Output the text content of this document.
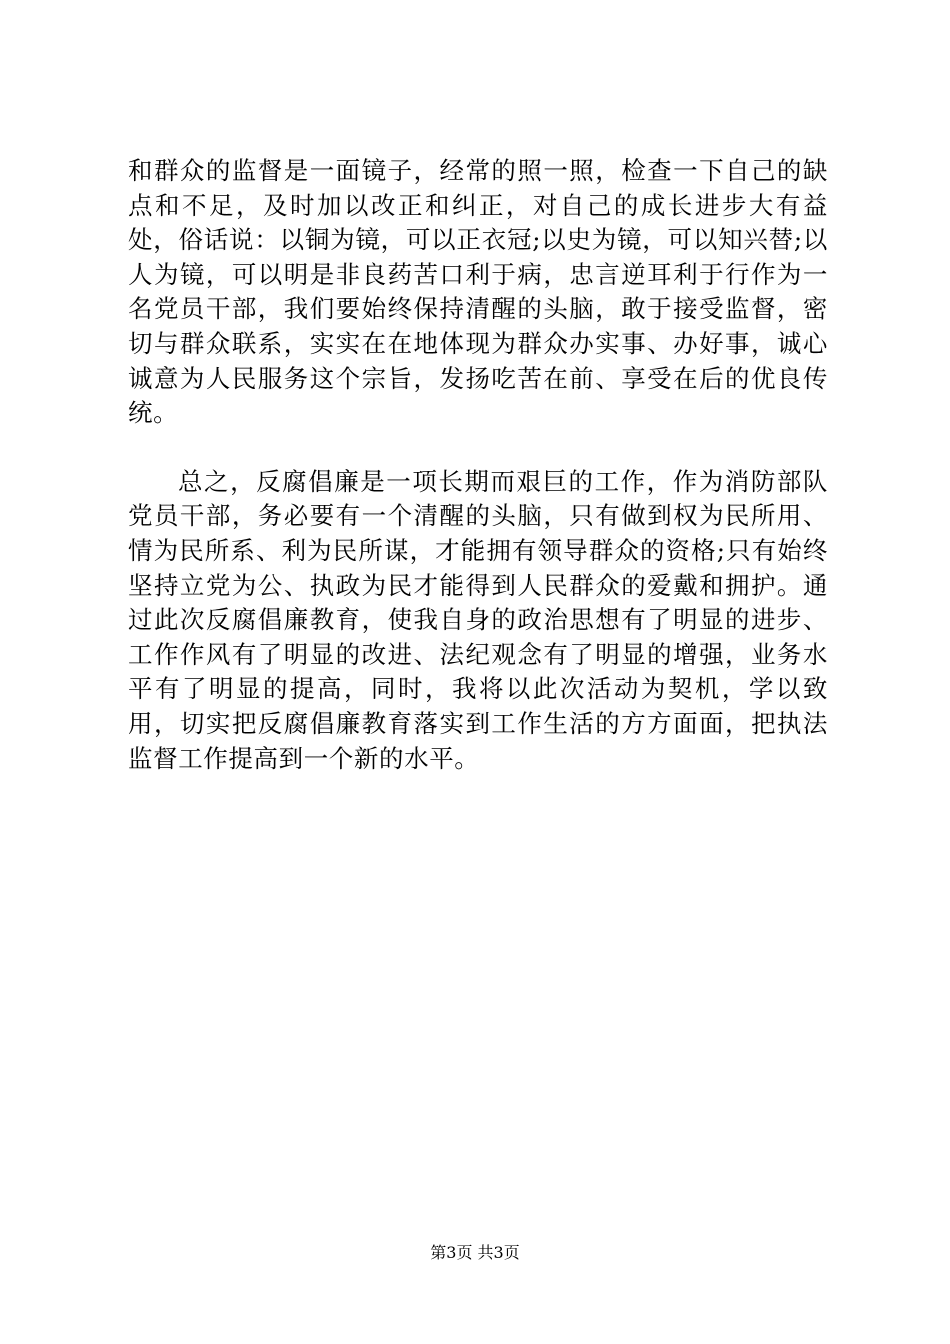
和群众的监督是一面镜子，经常的照一照，检查一下自己的缺点和不足，及时加以改正和纠正，对自己的成长进步大有益处，俗话说：以铜为镜，可以正衣冠;以史为镜，可以知兴替;以人为镜，可以明是非良药苦口利于病，忠言逆耳利于行作为一名党员干部，我们要始终保持清醒的头脑，敢于接受监督，密切与群众联系，实实在在地体现为群众办实事、办好事，诚心诚意为人民服务这个宗旨，发扬吃苦在前、享受在后的优良传统。

总之，反腐倡廉是一项长期而艰巨的工作，作为消防部队党员干部，务必要有一个清醒的头脑，只有做到权为民所用、情为民所系、利为民所谋，才能拥有领导群众的资格;只有始终坚持立党为公、执政为民才能得到人民群众的爱戴和拥护。通过此次反腐倡廉教育，使我自身的政治思想有了明显的进步、工作作风有了明显的改进、法纪观念有了明显的增强，业务水平有了明显的提高，同时，我将以此次活动为契机，学以致用，切实把反腐倡廉教育落实到工作生活的方方面面，把执法监督工作提高到一个新的水平。

第3页 共3页
